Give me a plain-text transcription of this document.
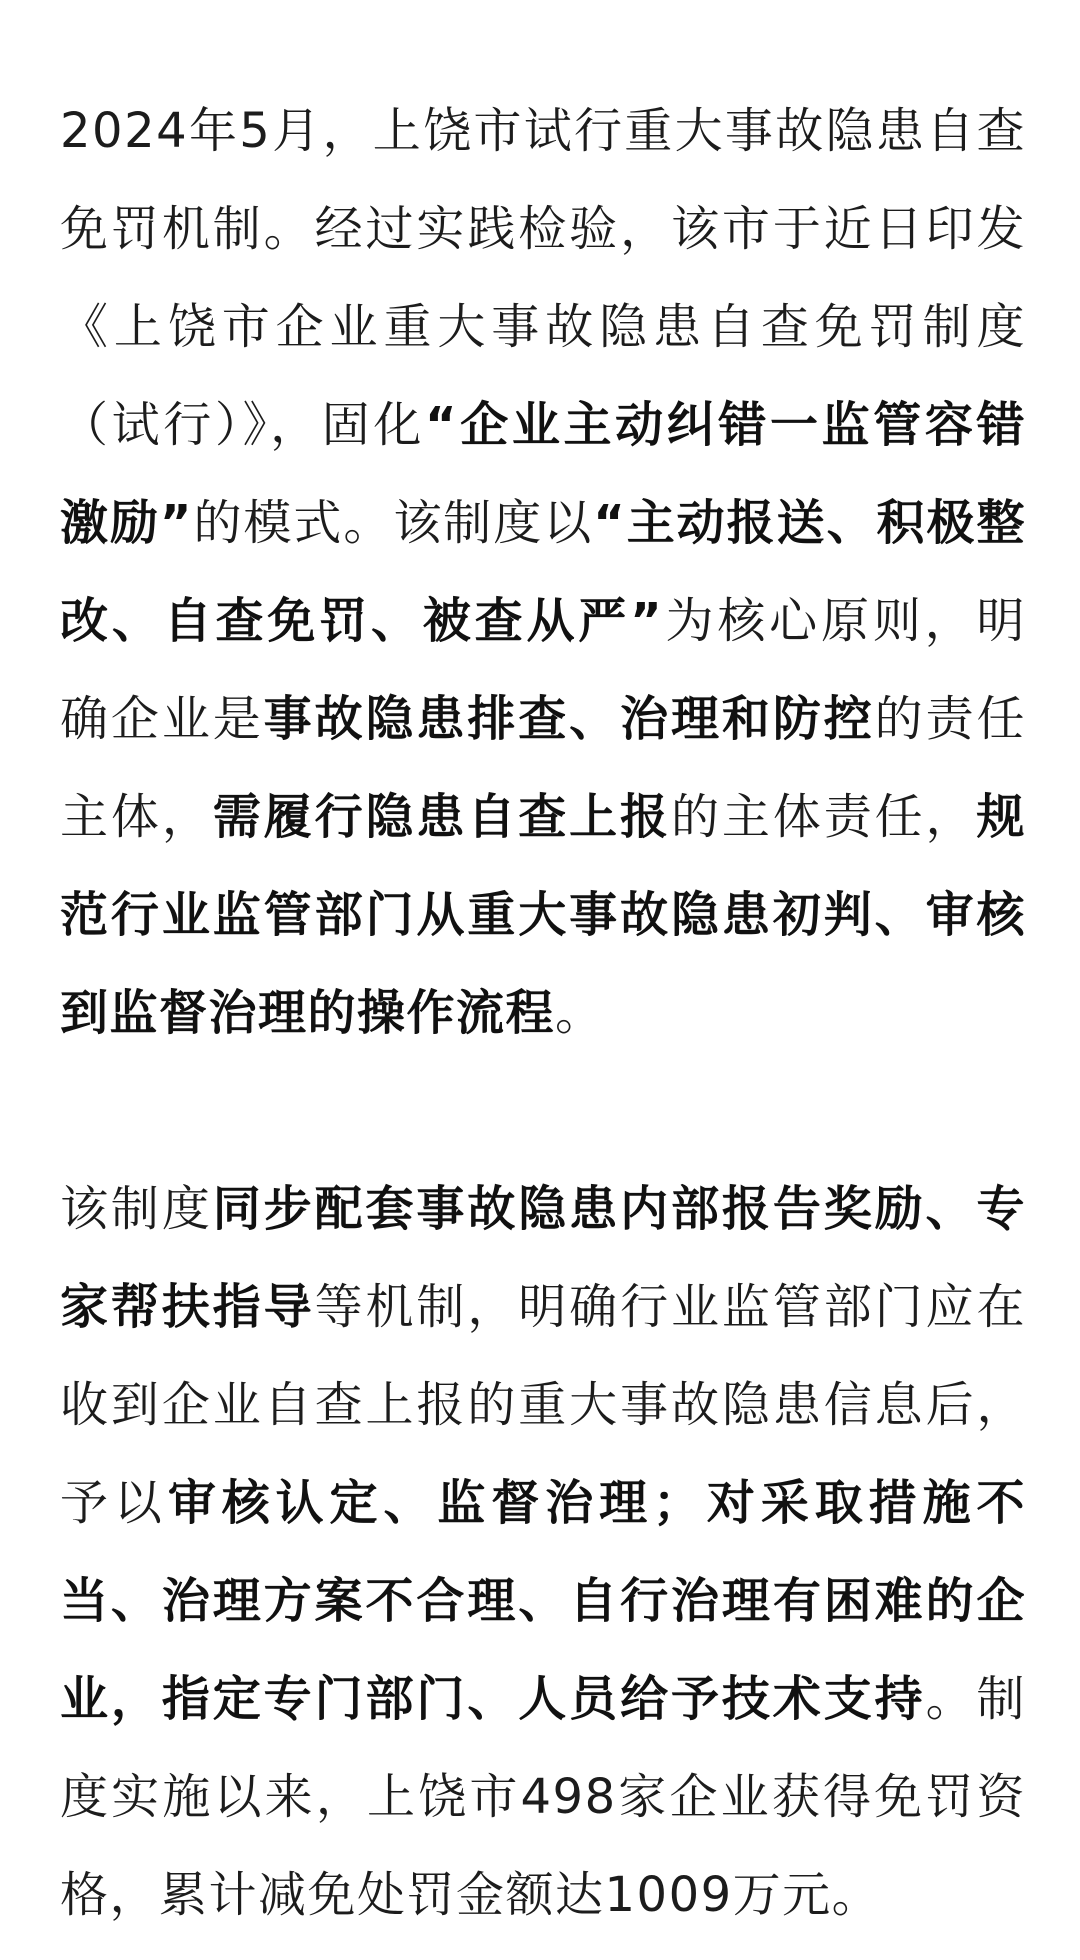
2024年5月，上饶市试行重大事故隐患自查免罚机制。经过实践检验，该市于近日印发《上饶市企业重大事故隐患自查免罚制度（试行）》，固化“企业主动纠错一监管容错激励”的模式。该制度以“主动报送、积极整改、自查免罚、被查从严”为核心原则，明确企业是事故隐患排查、治理和防控的责任主体，需履行隐患自查上报的主体责任，规范行业监管部门从重大事故隐患初判、审核到监督治理的操作流程。

该制度同步配套事故隐患内部报告奖励、专家帮扶指导等机制，明确行业监管部门应在收到企业自查上报的重大事故隐患信息后，予以审核认定、监督治理；对采取措施不当、治理方案不合理、自行治理有困难的企业，指定专门部门、人员给予技术支持。制度实施以来，上饶市498家企业获得免罚资格，累计减免处罚金额达1009万元。
